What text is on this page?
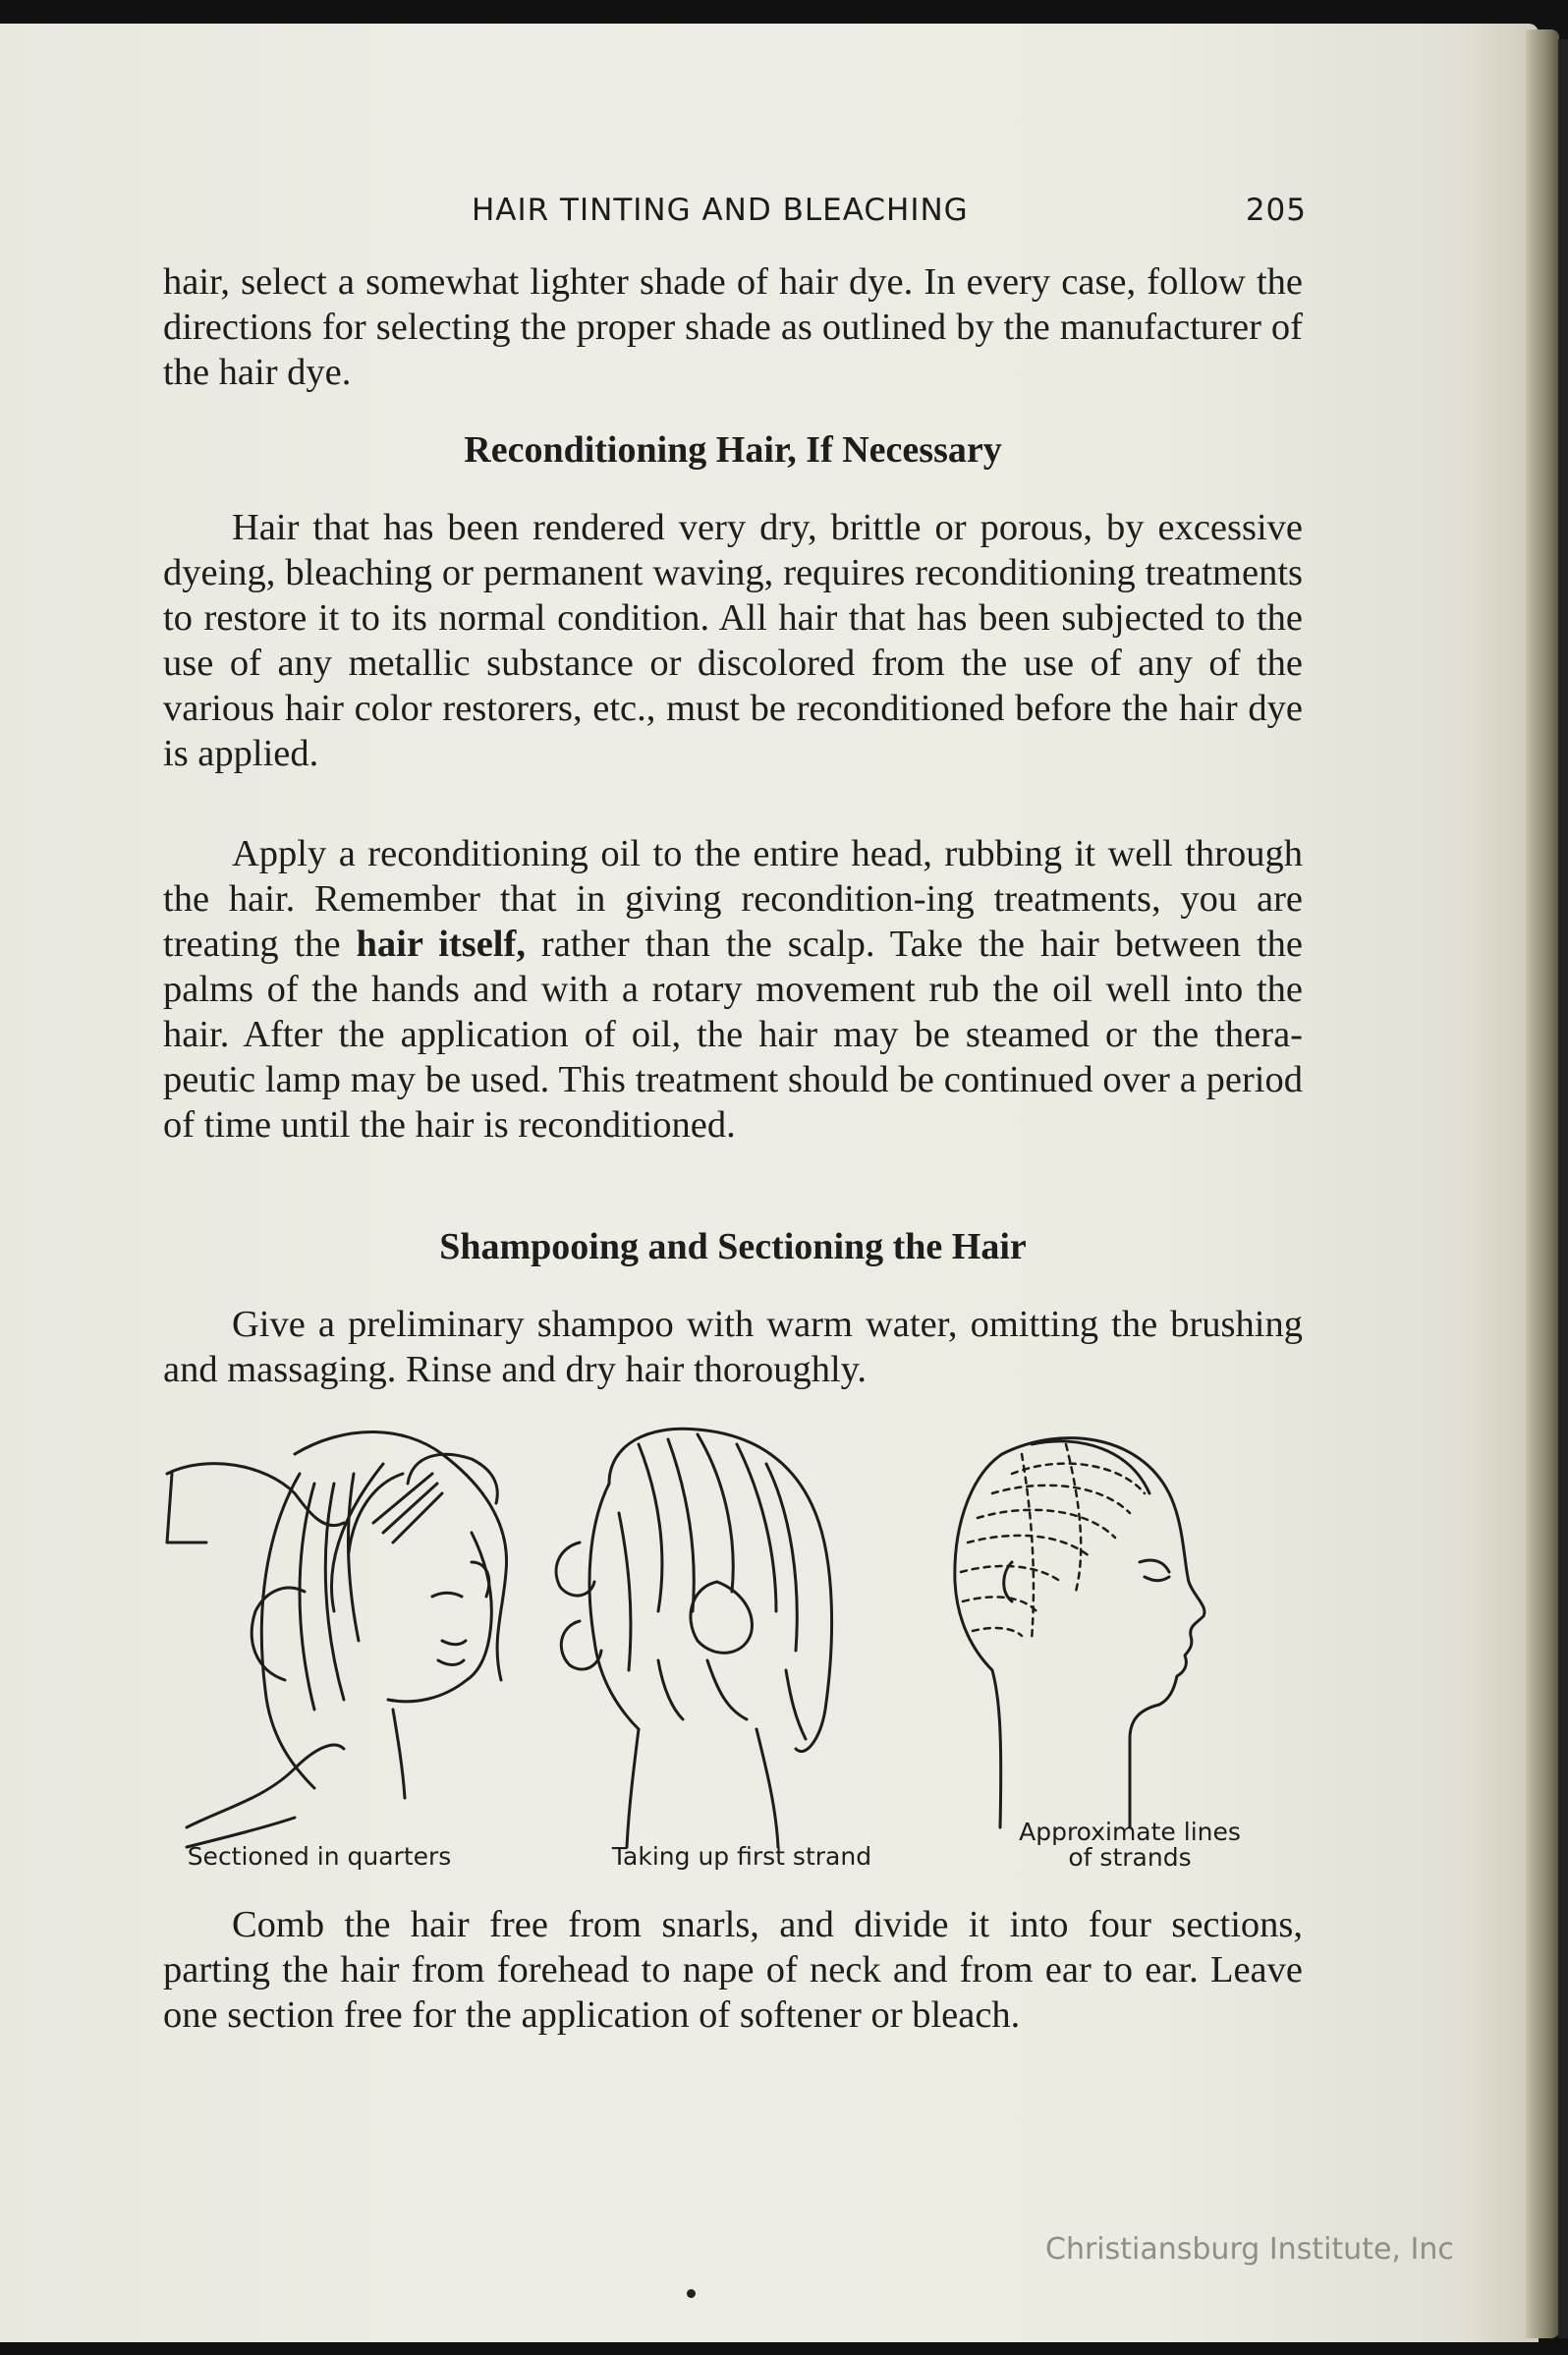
HAIR TINTING AND BLEACHING	205

hair, select a somewhat lighter shade of hair dye. In every case, follow the directions for selecting the proper shade as outlined by the manufacturer of the hair dye.

Reconditioning Hair, If Necessary

Hair that has been rendered very dry, brittle or porous, by excessive dyeing, bleaching or permanent waving, requires reconditioning treatments to restore it to its normal condition. All hair that has been subjected to the use of any metallic substance or discolored from the use of any of the various hair color restorers, etc., must be reconditioned before the hair dye is applied.

Apply a reconditioning oil to the entire head, rubbing it well through the hair. Remember that in giving recondition-ing treatments, you are treating the hair itself, rather than the scalp. Take the hair between the palms of the hands and with a rotary movement rub the oil well into the hair. After the application of oil, the hair may be steamed or the thera-peutic lamp may be used. This treatment should be continued over a period of time until the hair is reconditioned.

Shampooing and Sectioning the Hair

Give a preliminary shampoo with warm water, omitting the brushing and massaging. Rinse and dry hair thoroughly.

Sectioned in quarters	Taking up first strand
Approximate lines
of strands

Comb the hair free from snarls, and divide it into four sections, parting the hair from forehead to nape of neck and from ear to ear. Leave one section free for the application of softener or bleach.

Christiansburg Institute, Inc
